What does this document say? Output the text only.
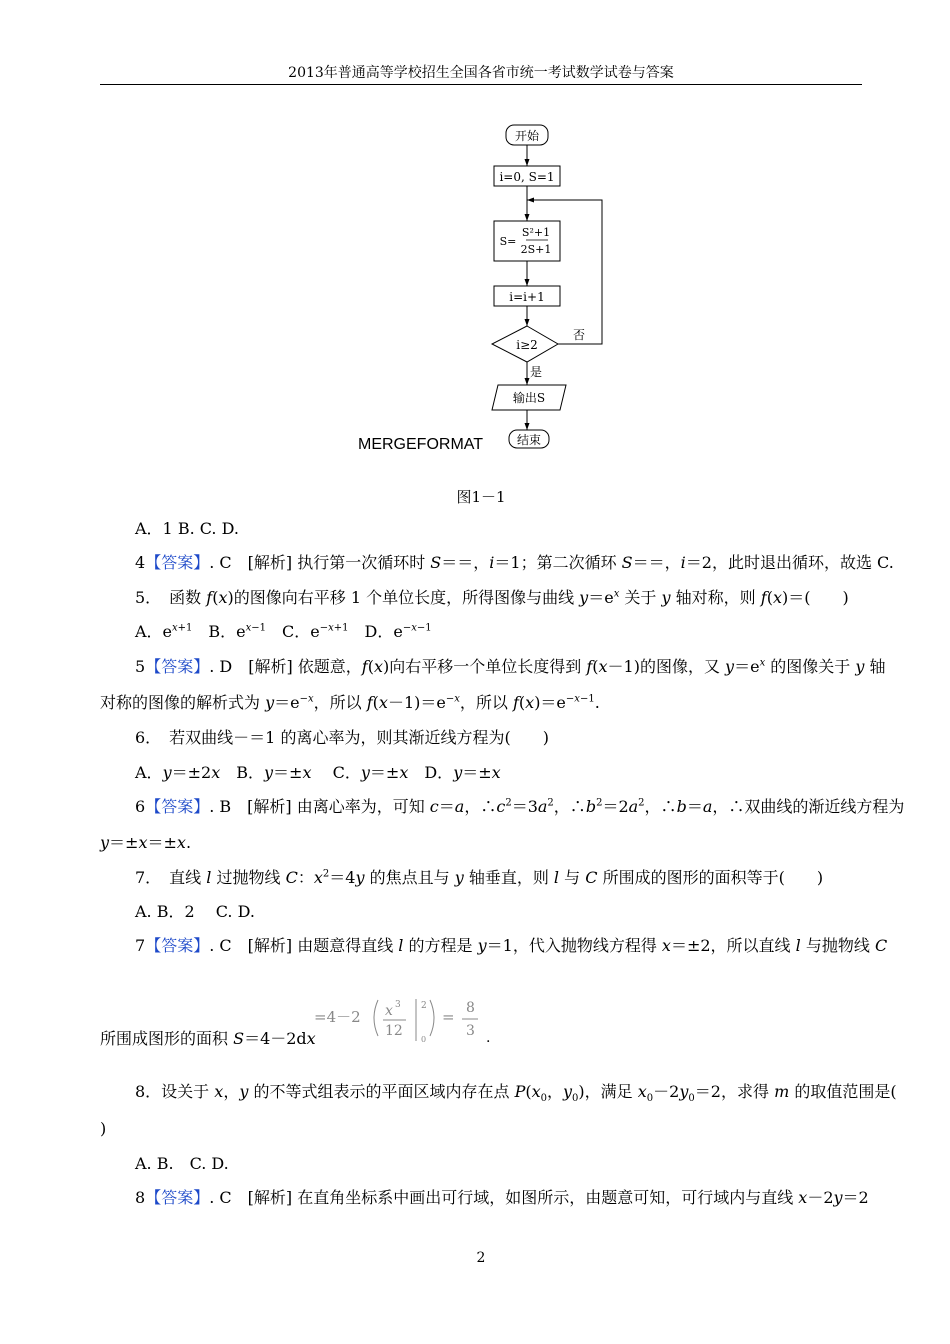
2013年普通高等学校招生全国各省市统一考试数学试卷与答案
开始
i=0, S=1
S=
S²+1
2S+1
i=i+1
i≥2
否
是
输出S
结束
MERGEFORMAT
图1－1
A．1 B. C. D.
4【答案】. C　[解析] 执行第一次循环时 S＝＝，i＝1；第二次循环 S＝＝，i＝2，此时退出循环，故选 C.
5．　函数 f(x)的图像向右平移 1 个单位长度，所得图像与曲线 $y=e^x$ 关于 y 轴对称，则 f(x)＝(　　)
A．$e^{x+1}$　B．$e^{x-1}$　C．$e^{-x+1}$　D．$e^{-x-1}$
5【答案】. D　[解析] 依题意，f(x)向右平移一个单位长度得到 f(x－1)的图像，又 $y=e^x$ 的图像关于 y 轴
对称的图像的解析式为 $y=e^{-x}$，所以 $f(x-1)=e^{-x}$，所以 $f(x)=e^{-x-1}$.
6．　若双曲线－＝1 的离心率为，则其渐近线方程为(　　)
A．y＝±2x　B．y＝±x　 C．y＝±x　D．y＝±x
6【答案】. B　[解析] 由离心率为，可知 c＝a，$\therefore c^2=3a^2$，$\therefore b^2=2a^2$，∴b＝a，∴双曲线的渐近线方程为
y＝±x＝±x.
7．　直线 l 过抛物线 C：$x^2=4y$ 的焦点且与 y 轴垂直，则 l 与 C 所围成的图形的面积等于(　　)
A. B．2　 C. D.
7【答案】. C　[解析] 由题意得直线 l 的方程是 y＝1，代入抛物线方程得 x＝±2，所以直线 l 与抛物线 C
所围成图形的面积 S＝4－2dx
=4－2 x 3
12
2
0
= 8
3 .
8．设关于 x，y 的不等式组表示的平面区域内存在点 $P(x_0$，$y_0$)，满足 $x_0-2y_0=2$，求得 m 的取值范围是(
)
A. B.　C. D.
8【答案】. C　[解析] 在直角坐标系中画出可行域，如图所示，由题意可知，可行域内与直线 x－2y＝2
2
